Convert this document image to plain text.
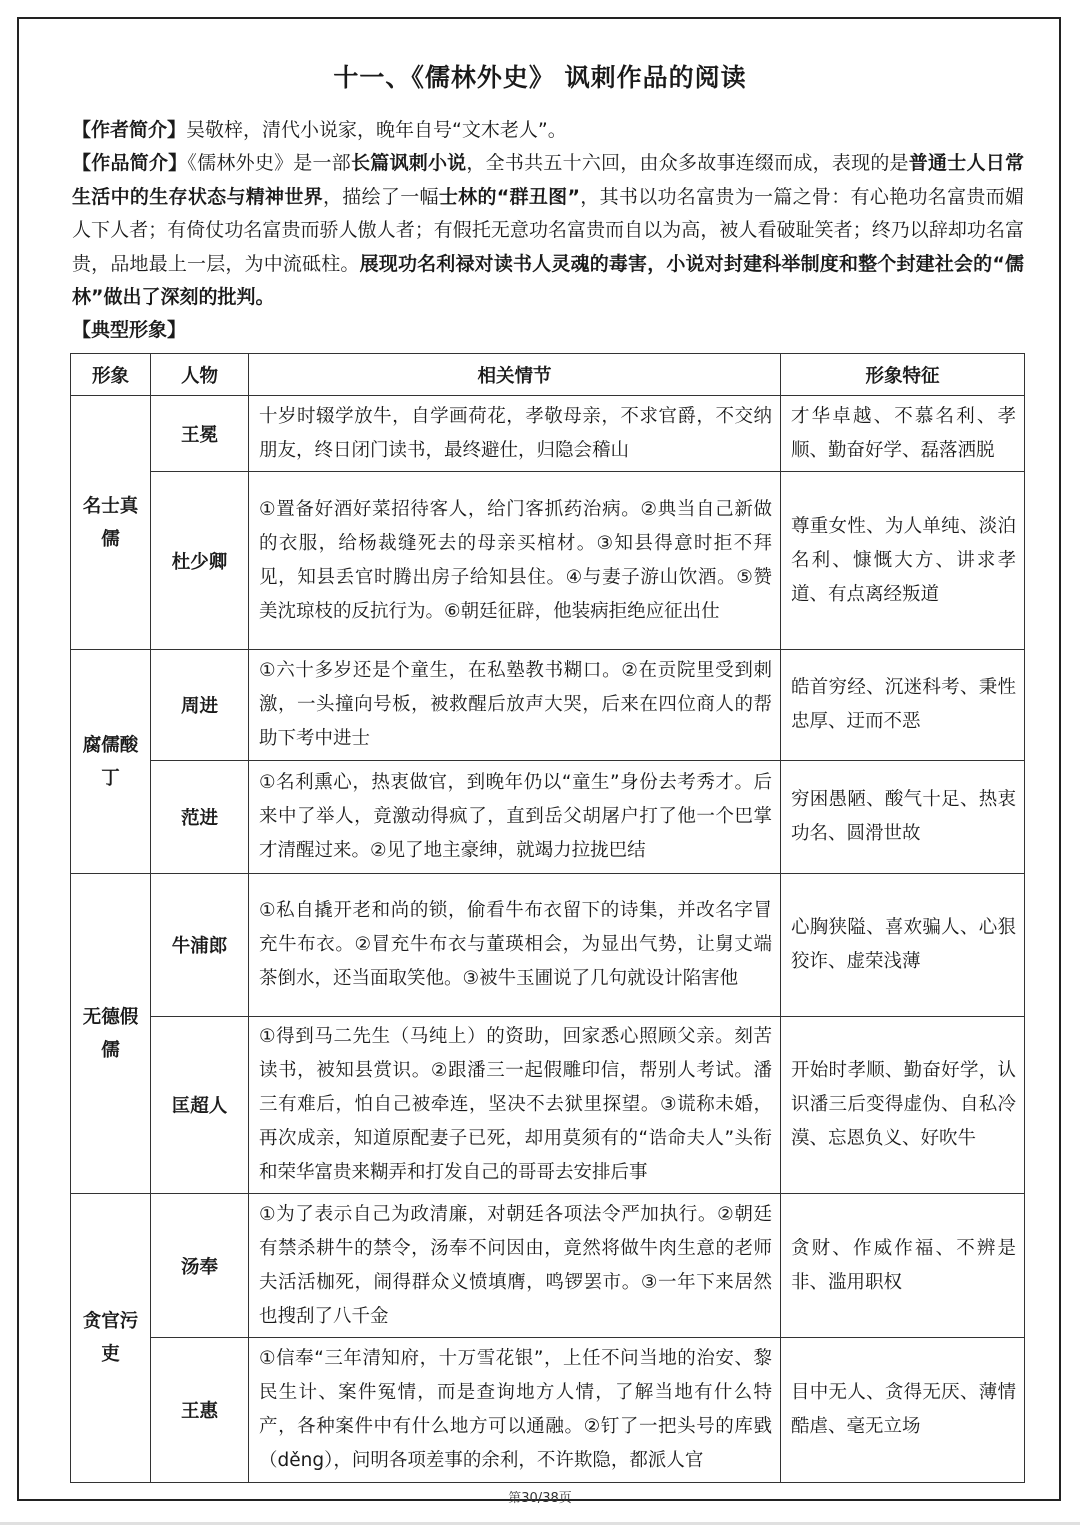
十一、《儒林外史》 讽刺作品的阅读
【作者简介】吴敬梓，清代小说家，晚年自号“文木老人”。
【作品简介】《儒林外史》是一部长篇讽刺小说，全书共五十六回，由众多故事连缀而成，表现的是普通士人日常生活中的生存状态与精神世界，描绘了一幅士林的“群丑图”，其书以功名富贵为一篇之骨：有心艳功名富贵而媚人下人者；有倚仗功名富贵而骄人傲人者；有假托无意功名富贵而自以为高，被人看破耻笑者；终乃以辞却功名富贵，品地最上一层，为中流砥柱。展现功名利禄对读书人灵魂的毒害，小说对封建科举制度和整个封建社会的“儒林”做出了深刻的批判。
【典型形象】
形象	人物	相关情节	形象特征
名士真儒	王冕	十岁时辍学放牛，自学画荷花，孝敬母亲，不求官爵，不交纳朋友，终日闭门读书，最终避仕，归隐会稽山	才华卓越、不慕名利、孝顺、勤奋好学、磊落洒脱
	杜少卿	①置备好酒好菜招待客人，给门客抓药治病。②典当自己新做的衣服，给杨裁缝死去的母亲买棺材。③知县得意时拒不拜见，知县丢官时腾出房子给知县住。④与妻子游山饮酒。⑤赞美沈琼枝的反抗行为。⑥朝廷征辟，他装病拒绝应征出仕	尊重女性、为人单纯、淡泊名利、慷慨大方、讲求孝道、有点离经叛道
腐儒酸丁	周进	①六十多岁还是个童生，在私塾教书糊口。②在贡院里受到刺激，一头撞向号板，被救醒后放声大哭，后来在四位商人的帮助下考中进士	皓首穷经、沉迷科考、秉性忠厚、迂而不恶
	范进	①名利熏心，热衷做官，到晚年仍以“童生”身份去考秀才。后来中了举人，竟激动得疯了，直到岳父胡屠户打了他一个巴掌才清醒过来。②见了地主豪绅，就竭力拉拢巴结	穷困愚陋、酸气十足、热衷功名、圆滑世故
无德假儒	牛浦郎	①私自撬开老和尚的锁，偷看牛布衣留下的诗集，并改名字冒充牛布衣。②冒充牛布衣与董瑛相会，为显出气势，让舅丈端茶倒水，还当面取笑他。③被牛玉圃说了几句就设计陷害他	心胸狭隘、喜欢骗人、心狠狡诈、虚荣浅薄
	匡超人	①得到马二先生（马纯上）的资助，回家悉心照顾父亲。刻苦读书，被知县赏识。②跟潘三一起假雕印信，帮别人考试。潘三有难后，怕自己被牵连，坚决不去狱里探望。③谎称未婚，再次成亲，知道原配妻子已死，却用莫须有的“诰命夫人”头衔和荣华富贵来糊弄和打发自己的哥哥去安排后事	开始时孝顺、勤奋好学，认识潘三后变得虚伪、自私冷漠、忘恩负义、好吹牛
贪官污吏	汤奉	①为了表示自己为政清廉，对朝廷各项法令严加执行。②朝廷有禁杀耕牛的禁令，汤奉不问因由，竟然将做牛肉生意的老师夫活活枷死，闹得群众义愤填膺，鸣锣罢市。③一年下来居然也搜刮了八千金	贪财、作威作福、不辨是非、滥用职权
	王惠	①信奉“三年清知府，十万雪花银”，上任不问当地的治安、黎民生计、案件冤情，而是查询地方人情，了解当地有什么特产，各种案件中有什么地方可以通融。②钉了一把头号的库戥（děng），问明各项差事的余利，不许欺隐，都派人官	目中无人、贪得无厌、薄情酷虐、毫无立场
第30/38页
